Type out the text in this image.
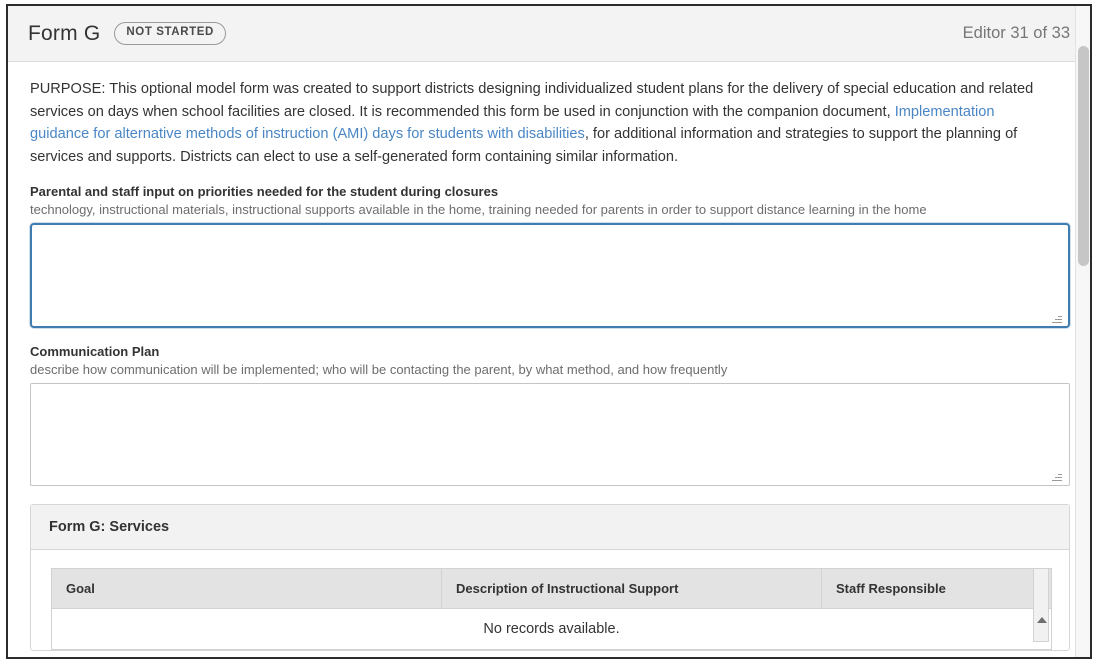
Form G	NOT STARTED	Editor 31 of 33

PURPOSE: This optional model form was created to support districts designing individualized student plans for the delivery of special education and related services on days when school facilities are closed. It is recommended this form be used in conjunction with the companion document, Implementation guidance for alternative methods of instruction (AMI) days for students with disabilities, for additional information and strategies to support the planning of services and supports. Districts can elect to use a self-generated form containing similar information.

Parental and staff input on priorities needed for the student during closures
technology, instructional materials, instructional supports available in the home, training needed for parents in order to support distance learning in the home
Communication Plan
describe how communication will be implemented; who will be contacting the parent, by what method, and how frequently
Form G: Services
Goal	Description of Instructional Support	Staff Responsible
No records available.
